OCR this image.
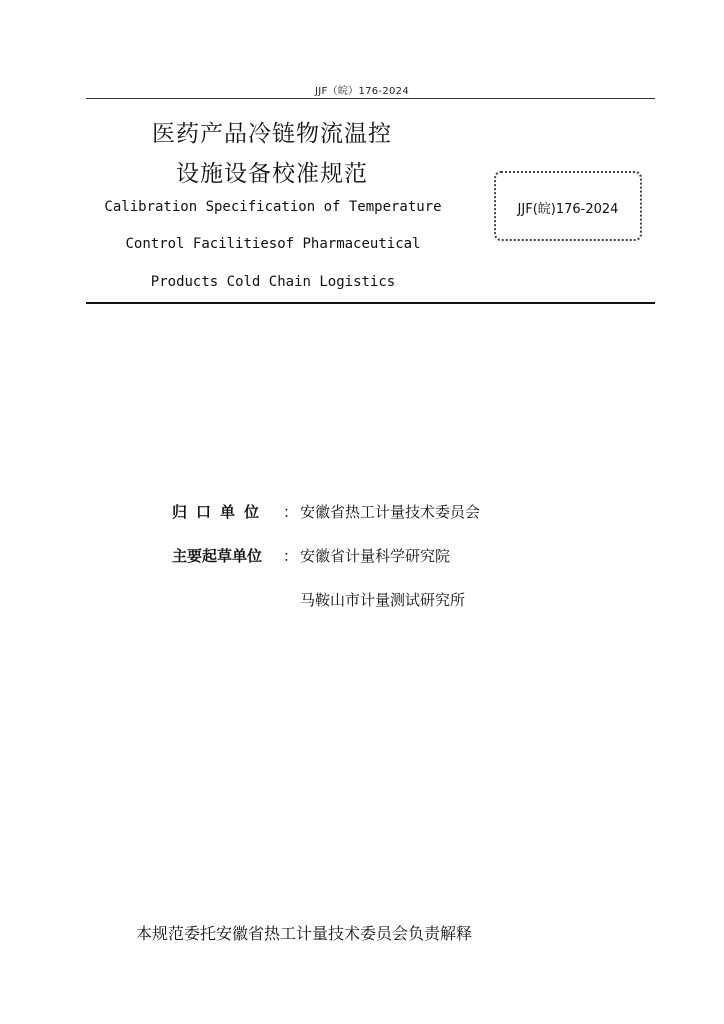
JJF（皖）176-2024
医药产品冷链物流温控
设施设备校准规范
Calibration Specification of Temperature
Control Facilitiesof Pharmaceutical
Products Cold Chain Logistics
JJF(皖)176-2024
归口单位 ： 安徽省热工计量技术委员会
主要起草单位 ： 安徽省计量科学研究院
马鞍山市计量测试研究所
本规范委托安徽省热工计量技术委员会负责解释
